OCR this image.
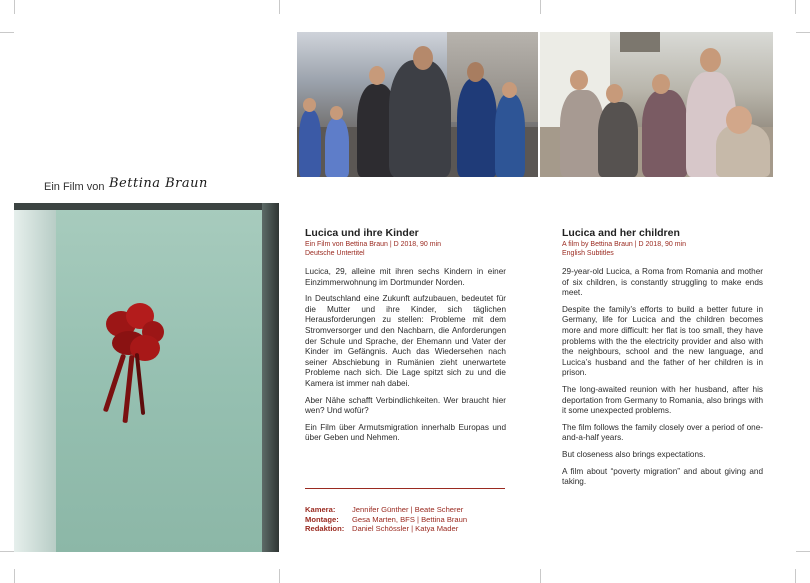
Ein Film von Bettina Braun
Lucica und ihre Kinder
Ein Film von Bettina Braun | D 2018, 90 min
Deutsche Untertitel

Lucica, 29, alleine mit ihren sechs Kindern in einer Einzimmerwohnung im Dortmunder Norden.

In Deutschland eine Zukunft aufzubauen, bedeutet für die Mutter und ihre Kinder, sich täglichen Herausforderungen zu stellen: Probleme mit dem Stromversorger und den Nachbarn, die Anforderungen der Schule und Sprache, der Ehemann und Vater der Kinder im Gefängnis. Auch das Wiedersehen nach seiner Abschiebung in Rumänien zieht unerwartete Probleme nach sich. Die Lage spitzt sich zu und die Kamera ist immer nah dabei.

Aber Nähe schafft Verbindlichkeiten. Wer braucht hier wen? Und wofür?

Ein Film über Armutsmigration innerhalb Europas und über Geben und Nehmen.

Kamera: Jennifer Günther | Beate Scherer
Montage: Gesa Marten, BFS | Bettina Braun
Redaktion: Daniel Schössler | Katya Mader
Lucica and her children
A film by Bettina Braun | D 2018, 90 min
English Subtitles

29-year-old Lucica, a Roma from Romania and mother of six children, is constantly struggling to make ends meet.

Despite the family’s efforts to build a better future in Germany, life for Lucica and the children becomes more and more difficult: her flat is too small, they have problems with the the electricity provider and also with the neighbours, school and the new language, and Lucica’s husband and the father of her children is in prison.

The long-awaited reunion with her husband, after his deportation from Germany to Romania, also brings with it some unexpected problems.

The film follows the family closely over a period of one-and-a-half years.

But closeness also brings expectations.

A film about “poverty migration” and about giving and taking.
